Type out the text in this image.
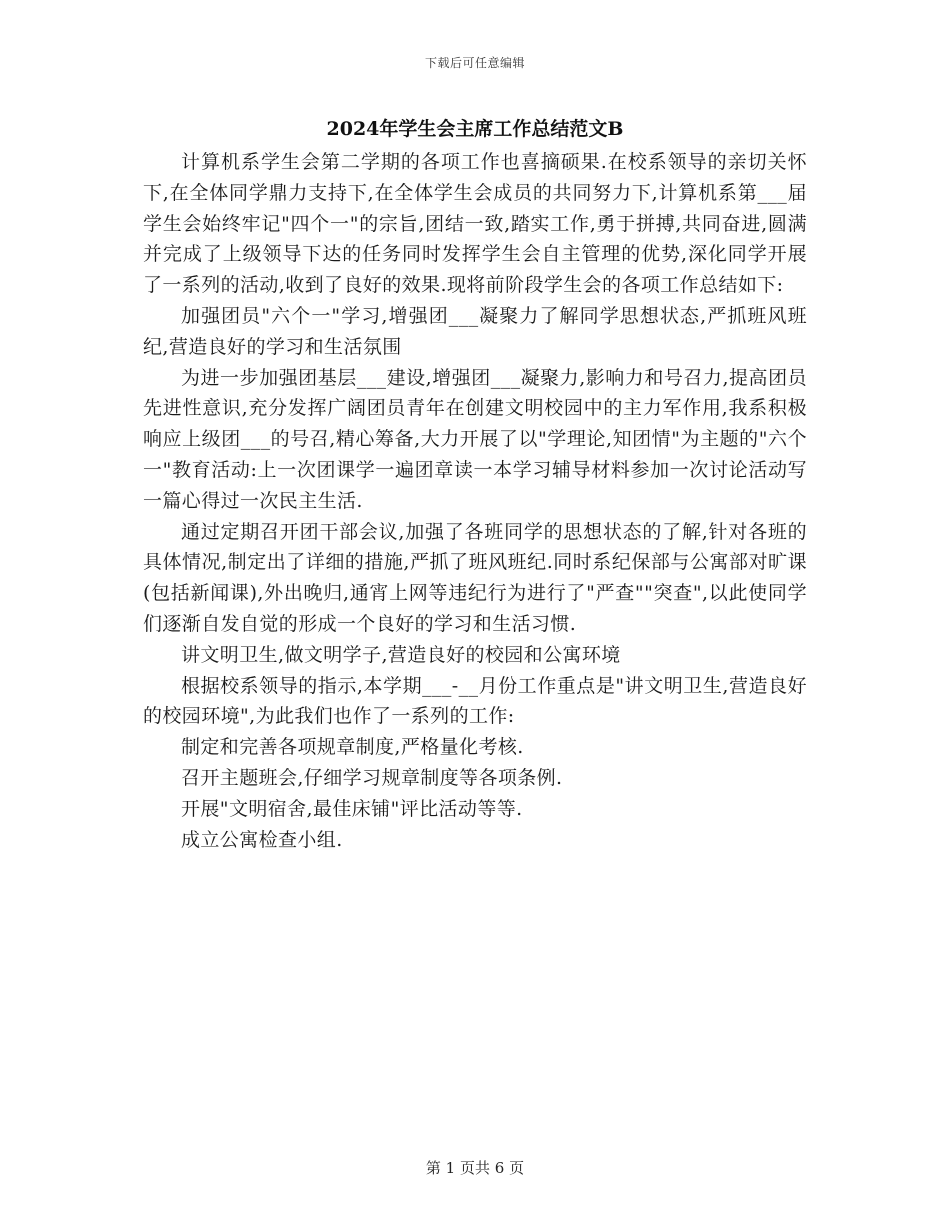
下载后可任意编辑
2024年学生会主席工作总结范文B

计算机系学生会第二学期的各项工作也喜摘硕果.在校系领导的亲切关怀下,在全体同学鼎力支持下,在全体学生会成员的共同努力下,计算机系第___届学生会始终牢记"四个一"的宗旨,团结一致,踏实工作,勇于拼搏,共同奋进,圆满并完成了上级领导下达的任务同时发挥学生会自主管理的优势,深化同学开展了一系列的活动,收到了良好的效果.现将前阶段学生会的各项工作总结如下:

加强团员"六个一"学习,增强团___凝聚力了解同学思想状态,严抓班风班纪,营造良好的学习和生活氛围

为进一步加强团基层___建设,增强团___凝聚力,影响力和号召力,提高团员先进性意识,充分发挥广阔团员青年在创建文明校园中的主力军作用,我系积极响应上级团___的号召,精心筹备,大力开展了以"学理论,知团情"为主题的"六个一"教育活动:上一次团课学一遍团章读一本学习辅导材料参加一次讨论活动写一篇心得过一次民主生活.

通过定期召开团干部会议,加强了各班同学的思想状态的了解,针对各班的具体情况,制定出了详细的措施,严抓了班风班纪.同时系纪保部与公寓部对旷课(包括新闻课),外出晚归,通宵上网等违纪行为进行了"严查""突查",以此使同学们逐渐自发自觉的形成一个良好的学习和生活习惯.

讲文明卫生,做文明学子,营造良好的校园和公寓环境

根据校系领导的指示,本学期___-__月份工作重点是"讲文明卫生,营造良好的校园环境",为此我们也作了一系列的工作:

制定和完善各项规章制度,严格量化考核.

召开主题班会,仔细学习规章制度等各项条例.

开展"文明宿舍,最佳床铺"评比活动等等.

成立公寓检查小组.

第 1 页共 6 页
